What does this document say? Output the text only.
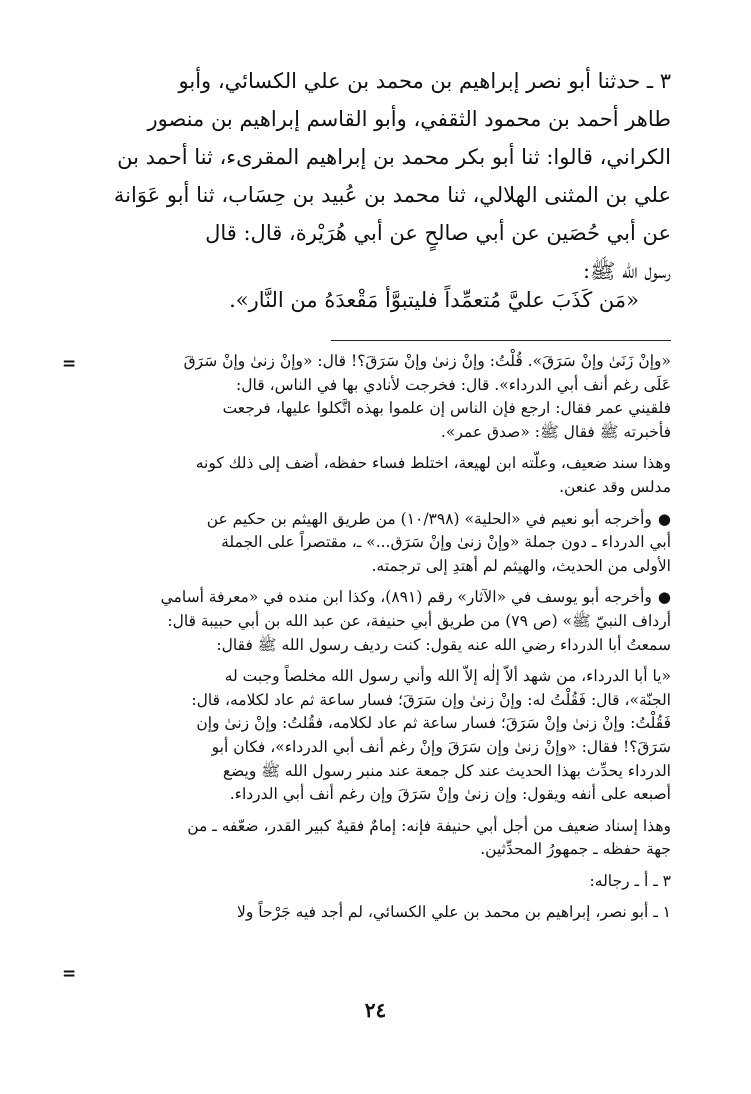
٣ ـ حدثنا أبو نصر إبراهيم بن محمد بن علي الكسائي، وأبو

طاهر أحمد بن محمود الثقفي، وأبو القاسم إبراهيم بن منصور

الكراني، قالوا: ثنا أبو بكر محمد بن إبراهيم المقرىء، ثنا أحمد بن

علي بن المثنى الهلالي، ثنا محمد بن عُبيد بن حِسَاب، ثنا أبو عَوَانة

عن أبي حُصَين عن أبي صالحٍ عن أبي هُرَيْرة، قال: قال

رسول الله ﷺ:

«مَن كَذَبَ عليَّ مُتعمِّداً فليتبوَّأ مَقْعدَهُ من النَّار».
=
=
«وإنْ زَنَىٰ وإنْ سَرَقَ». قُلْتُ: وإنْ زنىٰ وإنْ سَرَقَ؟! قال: «وإنْ زنىٰ وإنْ سَرَقَ
عَلَى رغم أنف أبي الدرداء». قال: فخرجت لأنادي بها في الناس، قال:
فلقيني عمر فقال: ارجع فإن الناس إن علموا بهذه اتَّكلوا عليها، فرجعت
فأخبرته ﷺ فقال ﷺ: «صدق عمر».
وهذا سند ضعيف، وعلّته ابن لهيعة، اختلط فساء حفظه، أضف إلى ذلك كونه
مدلس وقد عنعن.
●وأخرجه أبو نعيم في «الحلية» (١٠/٣٩٨) من طريق الهيثم بن حكيم عن
أبي الدرداء ـ دون جملة «وإنْ زنىٰ وإنْ سَرَق...» ـ، مقتصراً على الجملة
الأولى من الحديث، والهيثم لم أهتدِ إلى ترجمته.
●وأخرجه أبو يوسف في «الآثار» رقم (٨٩١)، وكذا ابن منده في «معرفة أسامي
أرداف النبيّ ﷺ» (ص ٧٩) من طريق أبي حنيفة، عن عبد الله بن أبي حبيبة قال:
سمعتُ أبا الدرداء رضي الله عنه يقول: كنت رديف رسول الله ﷺ فقال:
«يا أبا الدرداء، من شهد ألاّ إلٰه إلاّ الله وأني رسول الله مخلصاً وجبت له
الجنّة»، قال: فَقُلْتُ له: وإنْ زنىٰ وإن سَرَقَ؛ فسار ساعة ثم عاد لكلامه، قال:
فَقُلْتُ: وإنْ زنىٰ وإنْ سَرَقَ؛ فسار ساعة ثم عاد لكلامه، فقُلتُ: وإنْ زنىٰ وإن
سَرَقَ؟! فقال: «وإنْ زنىٰ وإن سَرَقَ وإنْ رغم أنف أبي الدرداء»، فكان أبو
الدرداء يحدِّث بهذا الحديث عند كل جمعة عند منبر رسول الله ﷺ ويضع
أصبعه على أنفه ويقول: وإن زنىٰ وإنْ سَرَقَ وإن رغم أنف أبي الدرداء.
وهذا إسناد ضعيف من أجل أبي حنيفة فإنه: إمامٌ فقيهٌ كبير القدر، ضعّفه ـ من
جهة حفظه ـ جمهورُ المحدِّثين.
٣ ـ أ ـ رجاله:
١ ـ أبو نصر، إبراهيم بن محمد بن علي الكسائي، لم أجد فيه جَرْحاً ولا
٢٤
